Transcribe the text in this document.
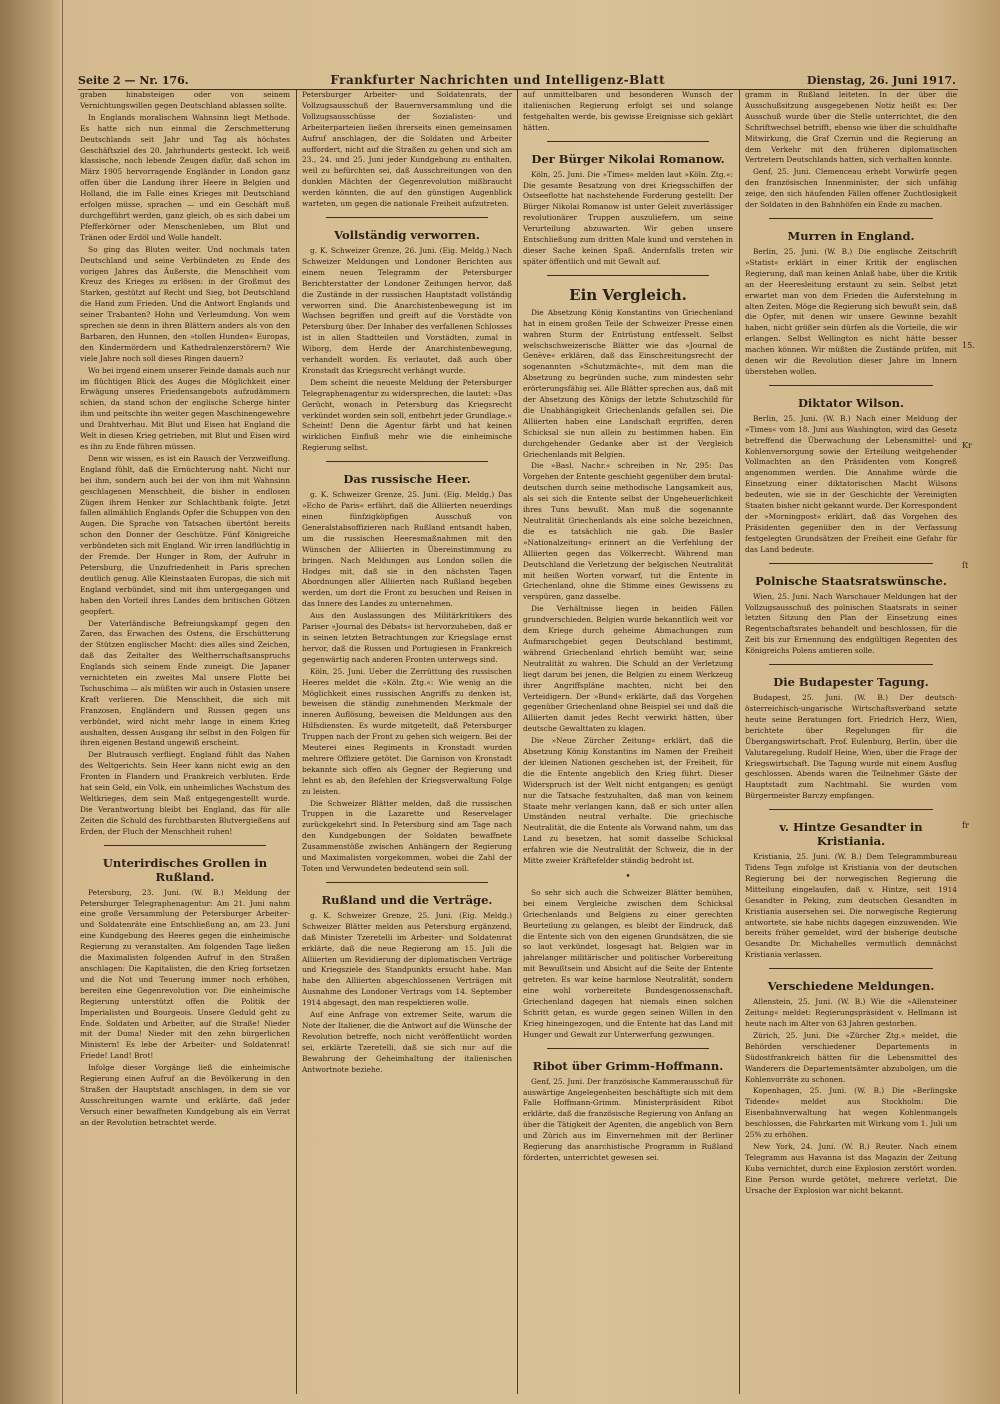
Seite 2 — Nr. 176.	Frankfurter Nachrichten und Intelligenz-Blatt	Dienstag, 26. Juni 1917.

graben hinabsteigen oder von seinem Vernichtungswillen gegen Deutschland ablassen sollte.

In Englands moralischem Wahnsinn liegt Methode. Es hatte sich nun einmal die Zerschmetterung Deutschlands seit Jahr und Tag als höchstes Geschäftsziel des 20. Jahrhunderts gesteckt. Ich weiß klassische, noch lebende Zeugen dafür, daß schon im März 1905 hervorragende Engländer in London ganz offen über die Landung ihrer Heere in Belgien und Holland, die im Falle eines Krieges mit Deutschland erfolgen müsse, sprachen — und ein Geschäft muß durchgeführt werden, ganz gleich, ob es sich dabei um Pfefferkörner oder Menschenleben, um Blut und Tränen oder Erdöl und Wolle handelt.

So ging das Bluten weiter. Und nochmals taten Deutschland und seine Verbündeten zu Ende des vorigen Jahres das Äußerste, die Menschheit vom Kreuz des Krieges zu erlösen: in der Großmut des Starken, gestützt auf Recht und Sieg, bot Deutschland die Hand zum Frieden. Und die Antwort Englands und seiner Trabanten? Hohn und Verleumdung. Von wem sprechen sie denn in ihren Blättern anders als von den Barbaren, den Hunnen, den »tollen Hunden« Europas, den Kindermördern und Kathedralenzerstörern? Wie viele Jahre noch soll dieses Ringen dauern?

Wo bei irgend einem unserer Feinde damals auch nur im flüchtigen Blick des Auges die Möglichkeit einer Erwägung unseres Friedensangebots aufzudämmern schien, da stand schon der englische Scherge hinter ihm und peitschte ihn weiter gegen Maschinengewehre und Drahtverhau. Mit Blut und Eisen hat England die Welt in diesen Krieg getrieben, mit Blut und Eisen wird es ihn zu Ende führen müssen.

Denn wir wissen, es ist ein Rausch der Verzweiflung. England fühlt, daß die Ernüchterung naht. Nicht nur bei ihm, sondern auch bei der von ihm mit Wahnsinn geschlagenen Menschheit, die bisher in endlosen Zügen ihrem Henker zur Schlachtbank folgte. Jetzt fallen allmählich Englands Opfer die Schuppen von den Augen. Die Sprache von Tatsachen übertönt bereits schon den Donner der Geschütze. Fünf Königreiche verbündeten sich mit England. Wir irren landflüchtig in der Fremde. Der Hunger in Rom, der Aufruhr in Petersburg, die Unzufriedenheit in Paris sprechen deutlich genug. Alle Kleinstaaten Europas, die sich mit England verbündet, sind mit ihm untergegangen und haben den Vorteil ihres Landes dem britischen Götzen geopfert.

Der Vaterländische Befreiungskampf gegen den Zaren, das Erwachen des Ostens, die Erschütterung der Stützen englischer Macht: dies alles sind Zeichen, daß das Zeitalter des Weltherrschaftsanspruchs Englands sich seinem Ende zuneigt. Die Japaner vernichteten ein zweites Mal unsere Flotte bei Tschuschima — als müßten wir auch in Ostasien unsere Kraft verlieren. Die Menschheit, die sich mit Franzosen, Engländern und Russen gegen uns verbündet, wird nicht mehr lange in einem Krieg aushalten, dessen Ausgang ihr selbst in den Folgen für ihren eigenen Bestand ungewiß erscheint.

Der Blutrausch verfliegt. England fühlt das Nahen des Weltgerichts. Sein Heer kann nicht ewig an den Fronten in Flandern und Frankreich verbluten. Erde hat sein Geld, ein Volk, ein unheimliches Wachstum des Weltkrieges, dem sein Maß entgegengestellt wurde. Die Verantwortung bleibt bei England, das für alle Zeiten die Schuld des furchtbarsten Blutvergießens auf Erden, der Fluch der Menschheit ruhen!

Unterirdisches Grollen in Rußland.

Petersburg, 23. Juni. (W. B.) Meldung der Petersburger Telegraphenagentur: Am 21. Juni nahm eine große Versammlung der Petersburger Arbeiter- und Soldatenräte eine Entschließung an, am 23. Juni eine Kundgebung des Heeres gegen die einheimische Regierung zu veranstalten. Am folgenden Tage ließen die Maximalisten folgenden Aufruf in den Straßen anschlagen: Die Kapitalisten, die den Krieg fortsetzen und die Not und Teuerung immer noch erhöhen, bereiten eine Gegenrevolution vor. Die einheimische Regierung unterstützt offen die Politik der Imperialisten und Bourgeois. Unsere Geduld geht zu Ende. Soldaten und Arbeiter, auf die Straße! Nieder mit der Duma! Nieder mit den zehn bürgerlichen Ministern! Es lebe der Arbeiter- und Soldatenrat! Friede! Land! Brot!

Infolge dieser Vorgänge ließ die einheimische Regierung einen Aufruf an die Bevölkerung in den Straßen der Hauptstadt anschlagen, in dem sie vor Ausschreitungen warnte und erklärte, daß jeder Versuch einer bewaffneten Kundgebung als ein Verrat an der Revolution betrachtet werde.

Petersburger Arbeiter- und Soldatenrats, der Vollzugsausschuß der Bauernversammlung und die Vollzugsausschüsse der Sozialisten- und Arbeiterparteien ließen ihrerseits einen gemeinsamen Aufruf anschlagen, der die Soldaten und Arbeiter auffordert, nicht auf die Straßen zu gehen und sich am 23., 24. und 25. Juni jeder Kundgebung zu enthalten, weil zu befürchten sei, daß Ausschreitungen von den dunklen Mächten der Gegenrevolution mißbraucht werden könnten, die auf den günstigen Augenblick warteten, um gegen die nationale Freiheit aufzutreten.

Vollständig verworren.

g. K. Schweizer Grenze, 26. Juni. (Eig. Meldg.) Nach Schweizer Meldungen und Londoner Berichten aus einem neuen Telegramm der Petersburger Berichterstatter der Londoner Zeitungen hervor, daß die Zustände in der russischen Hauptstadt vollständig verworren sind. Die Anarchistenbewegung ist im Wachsen begriffen und greift auf die Vorstädte von Petersburg über. Der Inhaber des verfallenen Schlosses ist in allen Stadtteilen und Vorstädten, zumal in Wiborg, dem Herde der Anarchistenbewegung, verhandelt worden. Es verlautet, daß auch über Kronstadt das Kriegsrecht verhängt wurde.

Dem scheint die neueste Meldung der Petersburger Telegraphenagentur zu widersprechen, die lautet: »Das Gerücht, wonach in Petersburg das Kriegsrecht verkündet worden sein soll, entbehrt jeder Grundlage.« Scheint! Denn die Agentur färbt und hat keinen wirklichen Einfluß mehr wie die einheimische Regierung selbst.

Das russische Heer.

g. K. Schweizer Grenze, 25. Juni. (Eig. Meldg.) Das »Echo de Paris« erfährt, daß die Alliierten neuerdings einen fünfzigköpfigen Ausschuß von Generalstabsoffizieren nach Rußland entsandt haben, um die russischen Heeresmaßnahmen mit den Wünschen der Alliierten in Übereinstimmung zu bringen. Nach Meldungen aus London sollen die Hodges mit, daß sie in den nächsten Tagen Abordnungen aller Alliierten nach Rußland begeben werden, um dort die Front zu besuchen und Reisen in das Innere des Landes zu unternehmen.

Aus den Auslassungen des Militärkritikers des Pariser »Journal des Débats« ist hervorzuheben, daß er in seinen letzten Betrachtungen zur Kriegslage ernst hervor, daß die Russen und Portugiesen in Frankreich gegenwärtig nach anderen Fronten unterwegs sind.

Köln, 25. Juni. Ueber die Zerrüttung des russischen Heeres meldet die »Köln. Ztg.«: Wie wenig an die Möglichkeit eines russischen Angriffs zu denken ist, beweisen die ständig zunehmenden Merkmale der inneren Auflösung, beweisen die Meldungen aus den Hilfsdiensten. Es wurde mitgeteilt, daß Petersburger Truppen nach der Front zu gehen sich weigern. Bei der Meuterei eines Regiments in Kronstadt wurden mehrere Offiziere getötet. Die Garnison von Kronstadt bekannte sich offen als Gegner der Regierung und lehnt es ab, den Befehlen der Kriegsverwaltung Folge zu leisten.

Die Schweizer Blätter melden, daß die russischen Truppen in die Lazarette und Reservelager zurückgekehrt sind. In Petersburg sind am Tage nach den Kundgebungen der Soldaten bewaffnete Zusammenstöße zwischen Anhängern der Regierung und Maximalisten vorgekommen, wobei die Zahl der Toten und Verwundeten bedeutend sein soll.

Rußland und die Verträge.

g. K. Schweizer Grenze, 25. Juni. (Eig. Meldg.) Schweizer Blätter melden aus Petersburg ergänzend, daß Minister Tzeretelli im Arbeiter- und Soldatenrat erklärte, daß die neue Regierung am 15. Juli die Alliierten um Revidierung der diplomatischen Verträge und Kriegsziele des Standpunkts ersucht habe. Man habe den Alliierten abgeschlossenen Verträgen mit Ausnahme des Londoner Vertrags vom 14. September 1914 abgesagt, den man respektieren wolle.

Auf eine Anfrage von extremer Seite, warum die Note der Italiener, die die Antwort auf die Wünsche der Revolution betreffe, noch nicht veröffentlicht worden sei, erklärte Tzeretelli, daß sie sich nur auf die Bewahrung der Geheimhaltung der italienischen Antwortnote beziehe.

auf unmittelbaren und besonderen Wunsch der italienischen Regierung erfolgt sei und solange festgehalten werde, bis gewisse Ereignisse sich geklärt hätten.

Der Bürger Nikolai Romanow.

Köln, 25. Juni. Die »Times« melden laut »Köln. Ztg.«: Die gesamte Besatzung von drei Kriegsschiffen der Ostseeflotte hat nachstehende Forderung gestellt: Der Bürger Nikolai Romanow ist unter Geleit zuverlässiger revolutionärer Truppen auszuliefern, um seine Verurteilung abzuwarten. Wir geben unsere Entschließung zum dritten Male kund und verstehen in dieser Sache keinen Spaß. Andernfalls treten wir später öffentlich und mit Gewalt auf.

Ein Vergleich.

Die Absetzung König Konstantins von Griechenland hat in einem großen Teile der Schweizer Presse einen wahren Sturm der Entrüstung entfesselt. Selbst welschschweizerische Blätter wie das »Journal de Genève« erklären, daß das Einschreitungsrecht der sogenannten »Schutzmächte«, mit dem man die Absetzung zu begründen suche, zum mindesten sehr erörterungsfähig sei. Alle Blätter sprechen aus, daß mit der Absetzung des Königs der letzte Schutzschild für die Unabhängigkeit Griechenlands gefallen sei. Die Alliierten haben eine Landschaft ergriffen, deren Schicksal sie nun allein zu bestimmen haben. Ein durchgehender Gedanke aber ist der Vergleich Griechenlands mit Belgien.

Die »Basl. Nachr.« schreiben in Nr. 295: Das Vorgehen der Entente geschieht gegenüber dem brutal-deutschen durch seine methodische Langsamkeit aus, als sei sich die Entente selbst der Ungeheuerlichkeit ihres Tuns bewußt. Man muß die sogenannte Neutralität Griechenlands als eine solche bezeichnen, die es tatsächlich nie gab. Die Basler »Nationalzeitung« erinnert an die Verfehlung der Alliierten gegen das Völkerrecht. Während man Deutschland die Verletzung der belgischen Neutralität mit heißen Worten vorwarf, tut die Entente in Griechenland, ohne die Stimme eines Gewissens zu verspüren, ganz dasselbe.

Die Verhältnisse liegen in beiden Fällen grundverschieden. Belgien wurde bekanntlich weit vor dem Kriege durch geheime Abmachungen zum Aufmarschgebiet gegen Deutschland bestimmt, während Griechenland ehrlich bemüht war, seine Neutralität zu wahren. Die Schuld an der Verletzung liegt darum bei jenen, die Belgien zu einem Werkzeug ihrer Angriffspläne machten, nicht bei den Verteidigern. Der »Bund« erklärte, daß das Vorgehen gegenüber Griechenland ohne Beispiel sei und daß die Alliierten damit jedes Recht verwirkt hätten, über deutsche Gewalttaten zu klagen.

Die »Neue Zürcher Zeitung« erklärt, daß die Absetzung König Konstantins im Namen der Freiheit der kleinen Nationen geschehen ist, der Freiheit, für die die Entente angeblich den Krieg führt. Dieser Widerspruch ist der Welt nicht entgangen; es genügt nur die Tatsache festzuhalten, daß man von keinem Staate mehr verlangen kann, daß er sich unter allen Umständen neutral verhalte. Die griechische Neutralität, die die Entente als Vorwand nahm, um das Land zu besetzen, hat somit dasselbe Schicksal erfahren wie die Neutralität der Schweiz, die in der Mitte zweier Kräftefelder ständig bedroht ist.

•

So sehr sich auch die Schweizer Blätter bemühen, bei einem Vergleiche zwischen dem Schicksal Griechenlands und Belgiens zu einer gerechten Beurteilung zu gelangen, es bleibt der Eindruck, daß die Entente sich von den eigenen Grundsätzen, die sie so laut verkündet, losgesagt hat. Belgien war in jahrelanger militärischer und politischer Vorbereitung mit Bewußtsein und Absicht auf die Seite der Entente getreten. Es war keine harmlose Neutralität, sondern eine wohl vorbereitete Bundesgenossenschaft. Griechenland dagegen hat niemals einen solchen Schritt getan, es wurde gegen seinen Willen in den Krieg hineingezogen, und die Entente hat das Land mit Hunger und Gewalt zur Unterwerfung gezwungen.

Ribot über Grimm-Hoffmann.

Genf, 25. Juni. Der französische Kammerausschuß für auswärtige Angelegenheiten beschäftigte sich mit dem Falle Hoffmann-Grimm. Ministerpräsident Ribot erklärte, daß die französische Regierung von Anfang an über die Tätigkeit der Agenten, die angeblich von Bern und Zürich aus im Einvernehmen mit der Berliner Regierung das anarchistische Programm in Rußland förderten, unterrichtet gewesen sei.

gramm in Rußland leiteten. In der über die Ausschußsitzung ausgegebenen Notiz heißt es: Der Ausschuß wurde über die Stelle unterrichtet, die den Schriftwechsel betrifft, ebenso wie über die schuldhafte Mitwirkung, die Graf Czernin und die Regierung an dem Verkehr mit den früheren diplomatischen Vertretern Deutschlands hatten, sich verhalten konnte.

Genf, 25. Juni. Clemenceau erhebt Vorwürfe gegen den französischen Innenminister, der sich unfähig zeige, den sich häufenden Fällen offener Zuchtlosigkeit der Soldaten in den Bahnhöfen ein Ende zu machen.

Murren in England.

Berlin, 25. Juni. (W. B.) Die englische Zeitschrift »Statist« erklärt in einer Kritik der englischen Regierung, daß man keinen Anlaß habe, über die Kritik an der Heeresleitung erstaunt zu sein. Selbst jetzt erwartet man von dem Frieden die Auferstehung in alten Zeiten. Möge die Regierung sich bewußt sein, daß die Opfer, mit denen wir unsere Gewinne bezahlt haben, nicht größer sein dürfen als die Vorteile, die wir erlangen. Selbst Wellington es nicht hätte besser machen können. Wir müßten die Zustände prüfen, mit denen wir die Revolution dieser Jahre im Innern überstehen wollen.

Diktator Wilson.

Berlin, 25. Juni. (W. B.) Nach einer Meldung der »Times« vom 18. Juni aus Washington, wird das Gesetz betreffend die Überwachung der Lebensmittel- und Kohlenversorgung sowie der Erteilung weitgehender Vollmachten an den Präsidenten vom Kongreß angenommen werden. Die Annahme würde die Einsetzung einer diktatorischen Macht Wilsons bedeuten, wie sie in der Geschichte der Vereinigten Staaten bisher nicht gekannt wurde. Der Korrespondent der »Morningpost« erklärt, daß das Vorgehen des Präsidenten gegenüber den in der Verfassung festgelegten Grundsätzen der Freiheit eine Gefahr für das Land bedeute.

Polnische Staatsratswünsche.

Wien, 25. Juni. Nach Warschauer Meldungen hat der Vollzugsausschuß des polnischen Staatsrats in seiner letzten Sitzung den Plan der Einsetzung eines Regentschaftsrates behandelt und beschlossen, für die Zeit bis zur Ernennung des endgültigen Regenten des Königreichs Polens amtieren solle.

Die Budapester Tagung.

Budapest, 25. Juni. (W. B.) Der deutsch-österreichisch-ungarische Wirtschaftsverband setzte heute seine Beratungen fort. Friedrich Herz, Wien, berichtete über Regelungen für die Übergangswirtschaft. Prof. Eulenburg, Berlin, über die Valutaregelung. Rudolf Heine, Wien, über die Frage der Kriegswirtschaft. Die Tagung wurde mit einem Ausflug geschlossen. Abends waren die Teilnehmer Gäste der Hauptstadt zum Nachtmahl. Sie wurden vom Bürgermeister Barczy empfangen.

v. Hintze Gesandter in Kristiania.

Kristiania, 25. Juni. (W. B.) Dem Telegrammbureau Tidens Tegn zufolge ist Kristiania von der deutschen Regierung bei der norwegischen Regierung die Mitteilung eingelaufen, daß v. Hintze, seit 1914 Gesandter in Peking, zum deutschen Gesandten in Kristiania ausersehen sei. Die norwegische Regierung antwortete, sie habe nichts dagegen einzuwenden. Wie bereits früher gemeldet, wird der bisherige deutsche Gesandte Dr. Michahelles vermutlich demnächst Kristiania verlassen.

Verschiedene Meldungen.

Allenstein, 25. Juni. (W. B.) Wie die »Allensteiner Zeitung« meldet: Regierungspräsident v. Hellmann ist heute nach im Alter von 63 Jahren gestorben.

Zürich, 25. Juni. Die »Zürcher Ztg.« meldet, die Behörden verschiedener Departements in Südostfrankreich hätten für die Lebensmittel des Wanderers die Departementsämter abzubolgen, um die Kohlenvorräte zu schonen.

Kopenhagen, 25. Juni. (W. B.) Die »Berlingske Tidende« meldet aus Stockholm: Die Eisenbahnverwaltung hat wegen Kohlenmangels beschlossen, die Fahrkarten mit Wirkung vom 1. Juli um 25% zu erhöhen.

New York, 24. Juni. (W. B.) Reuter. Nach einem Telegramm aus Havanna ist das Magazin der Zeitung Kuba vernichtet, durch eine Explosion zerstört worden. Eine Person wurde getötet, mehrere verletzt. Die Ursache der Explosion war nicht bekannt.

15.
Kr
ſt
fr
